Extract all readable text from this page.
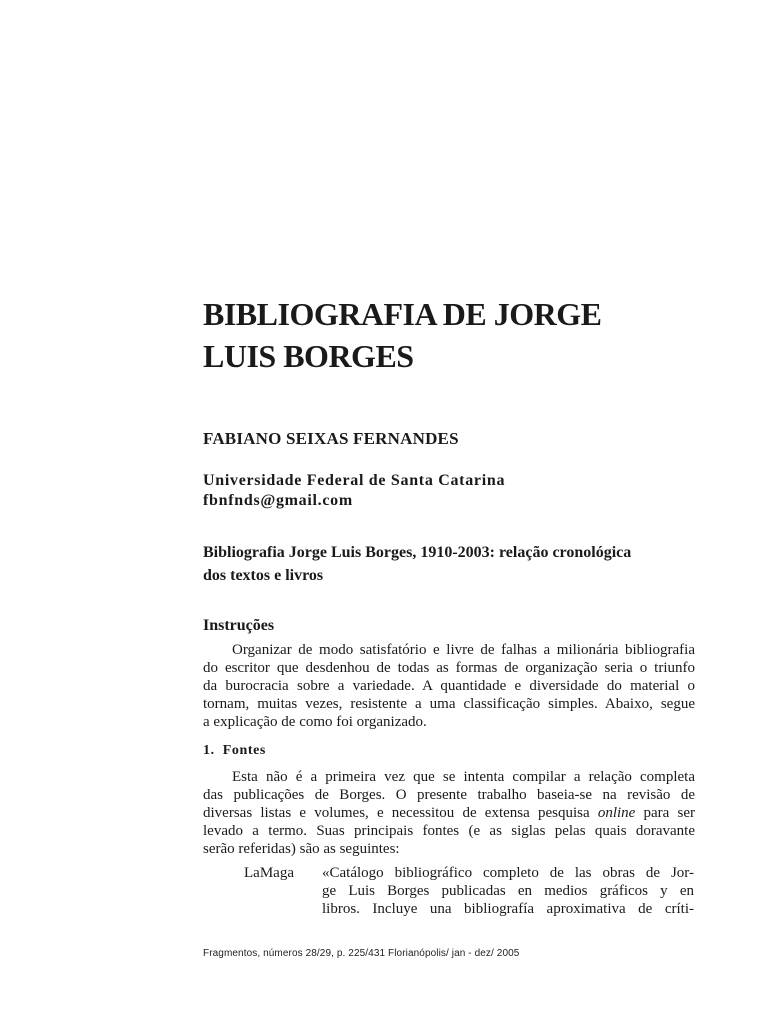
BIBLIOGRAFIA DE JORGE
LUIS BORGES
FABIANO SEIXAS FERNANDES
Universidade Federal de Santa Catarina
fbnfnds@gmail.com
Bibliografia Jorge Luis Borges, 1910-2003: relação cronológica
dos textos e livros
Instruções
Organizar de modo satisfatório e livre de falhas a milionária bibliografia
do escritor que desdenhou de todas as formas de organização seria o triunfo
da burocracia sobre a variedade. A quantidade e diversidade do material o
tornam, muitas vezes, resistente a uma classificação simples. Abaixo, segue
a explicação de como foi organizado.
1. Fontes
Esta não é a primeira vez que se intenta compilar a relação completa
das publicações de Borges. O presente trabalho baseia-se na revisão de
diversas listas e volumes, e necessitou de extensa pesquisa online para ser
levado a termo. Suas principais fontes (e as siglas pelas quais doravante
serão referidas) são as seguintes:
LaMaga «Catálogo bibliográfico completo de las obras de Jor-
ge Luis Borges publicadas en medios gráficos y en
libros. Incluye una bibliografía aproximativa de críti-
Fragmentos, números 28/29, p. 225/431 Florianópolis/ jan - dez/ 2005
